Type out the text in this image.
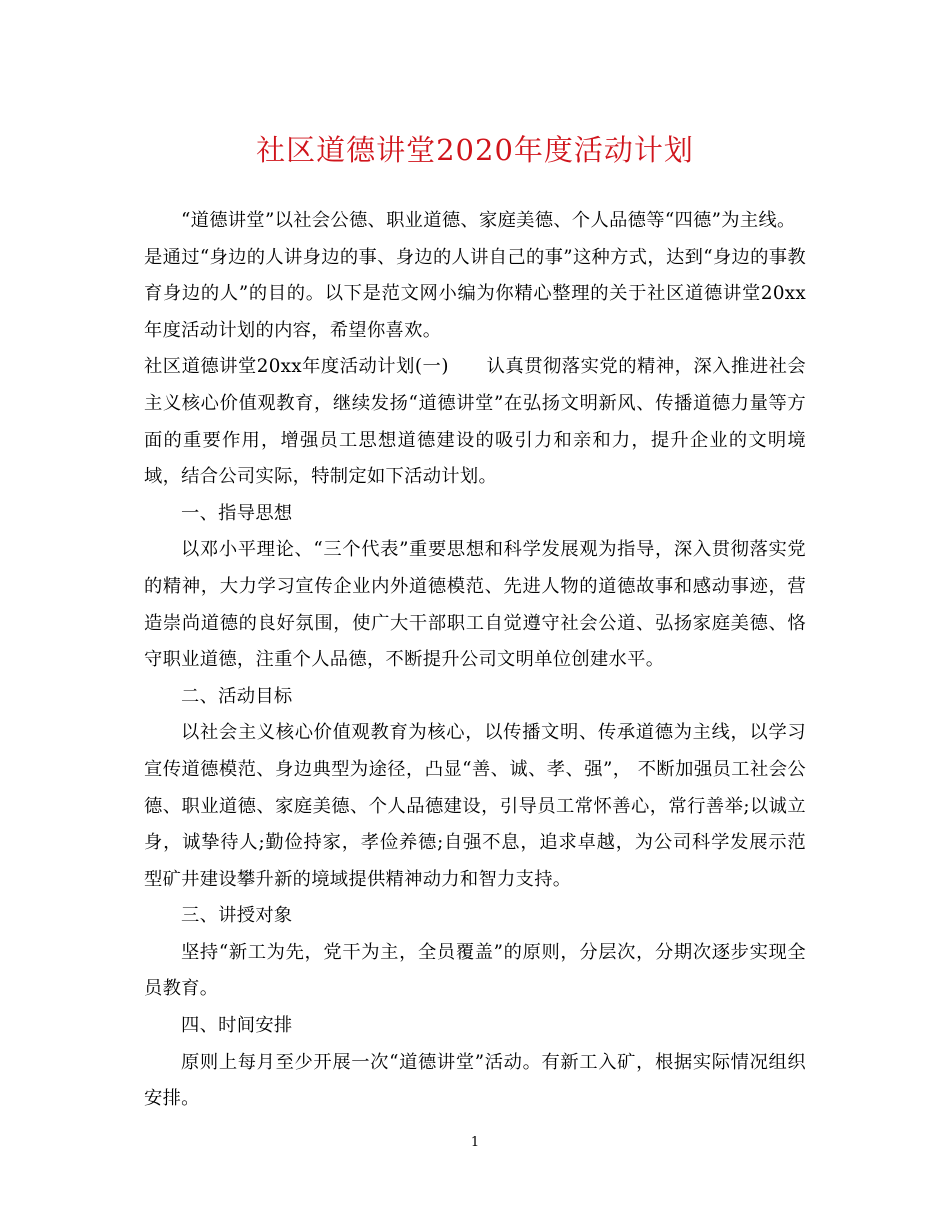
社区道德讲堂2020年度活动计划

“道德讲堂”以社会公德、职业道德、家庭美德、个人品德等“四德”为主线。

是通过“身边的人讲身边的事、身边的人讲自己的事”这种方式，达到“身边的事教育身边的人”的目的。以下是范文网小编为你精心整理的关于社区道德讲堂20xx年度活动计划的内容，希望你喜欢。

社区道德讲堂20xx年度活动计划(一)　　认真贯彻落实党的精神，深入推进社会主义核心价值观教育，继续发扬“道德讲堂”在弘扬文明新风、传播道德力量等方面的重要作用，增强员工思想道德建设的吸引力和亲和力，提升企业的文明境域，结合公司实际，特制定如下活动计划。

一、指导思想

以邓小平理论、“三个代表”重要思想和科学发展观为指导，深入贯彻落实党的精神，大力学习宣传企业内外道德模范、先进人物的道德故事和感动事迹，营造崇尚道德的良好氛围，使广大干部职工自觉遵守社会公道、弘扬家庭美德、恪守职业道德，注重个人品德，不断提升公司文明单位创建水平。

二、活动目标

以社会主义核心价值观教育为核心，以传播文明、传承道德为主线，以学习宣传道德模范、身边典型为途径，凸显“善、诚、孝、强”， 不断加强员工社会公德、职业道德、家庭美德、个人品德建设，引导员工常怀善心，常行善举;以诚立身，诚挚待人;勤俭持家，孝俭养德;自强不息，追求卓越，为公司科学发展示范型矿井建设攀升新的境域提供精神动力和智力支持。

三、讲授对象

坚持“新工为先，党干为主，全员覆盖”的原则，分层次，分期次逐步实现全员教育。

四、时间安排

原则上每月至少开展一次“道德讲堂”活动。有新工入矿，根据实际情况组织安排。

1
